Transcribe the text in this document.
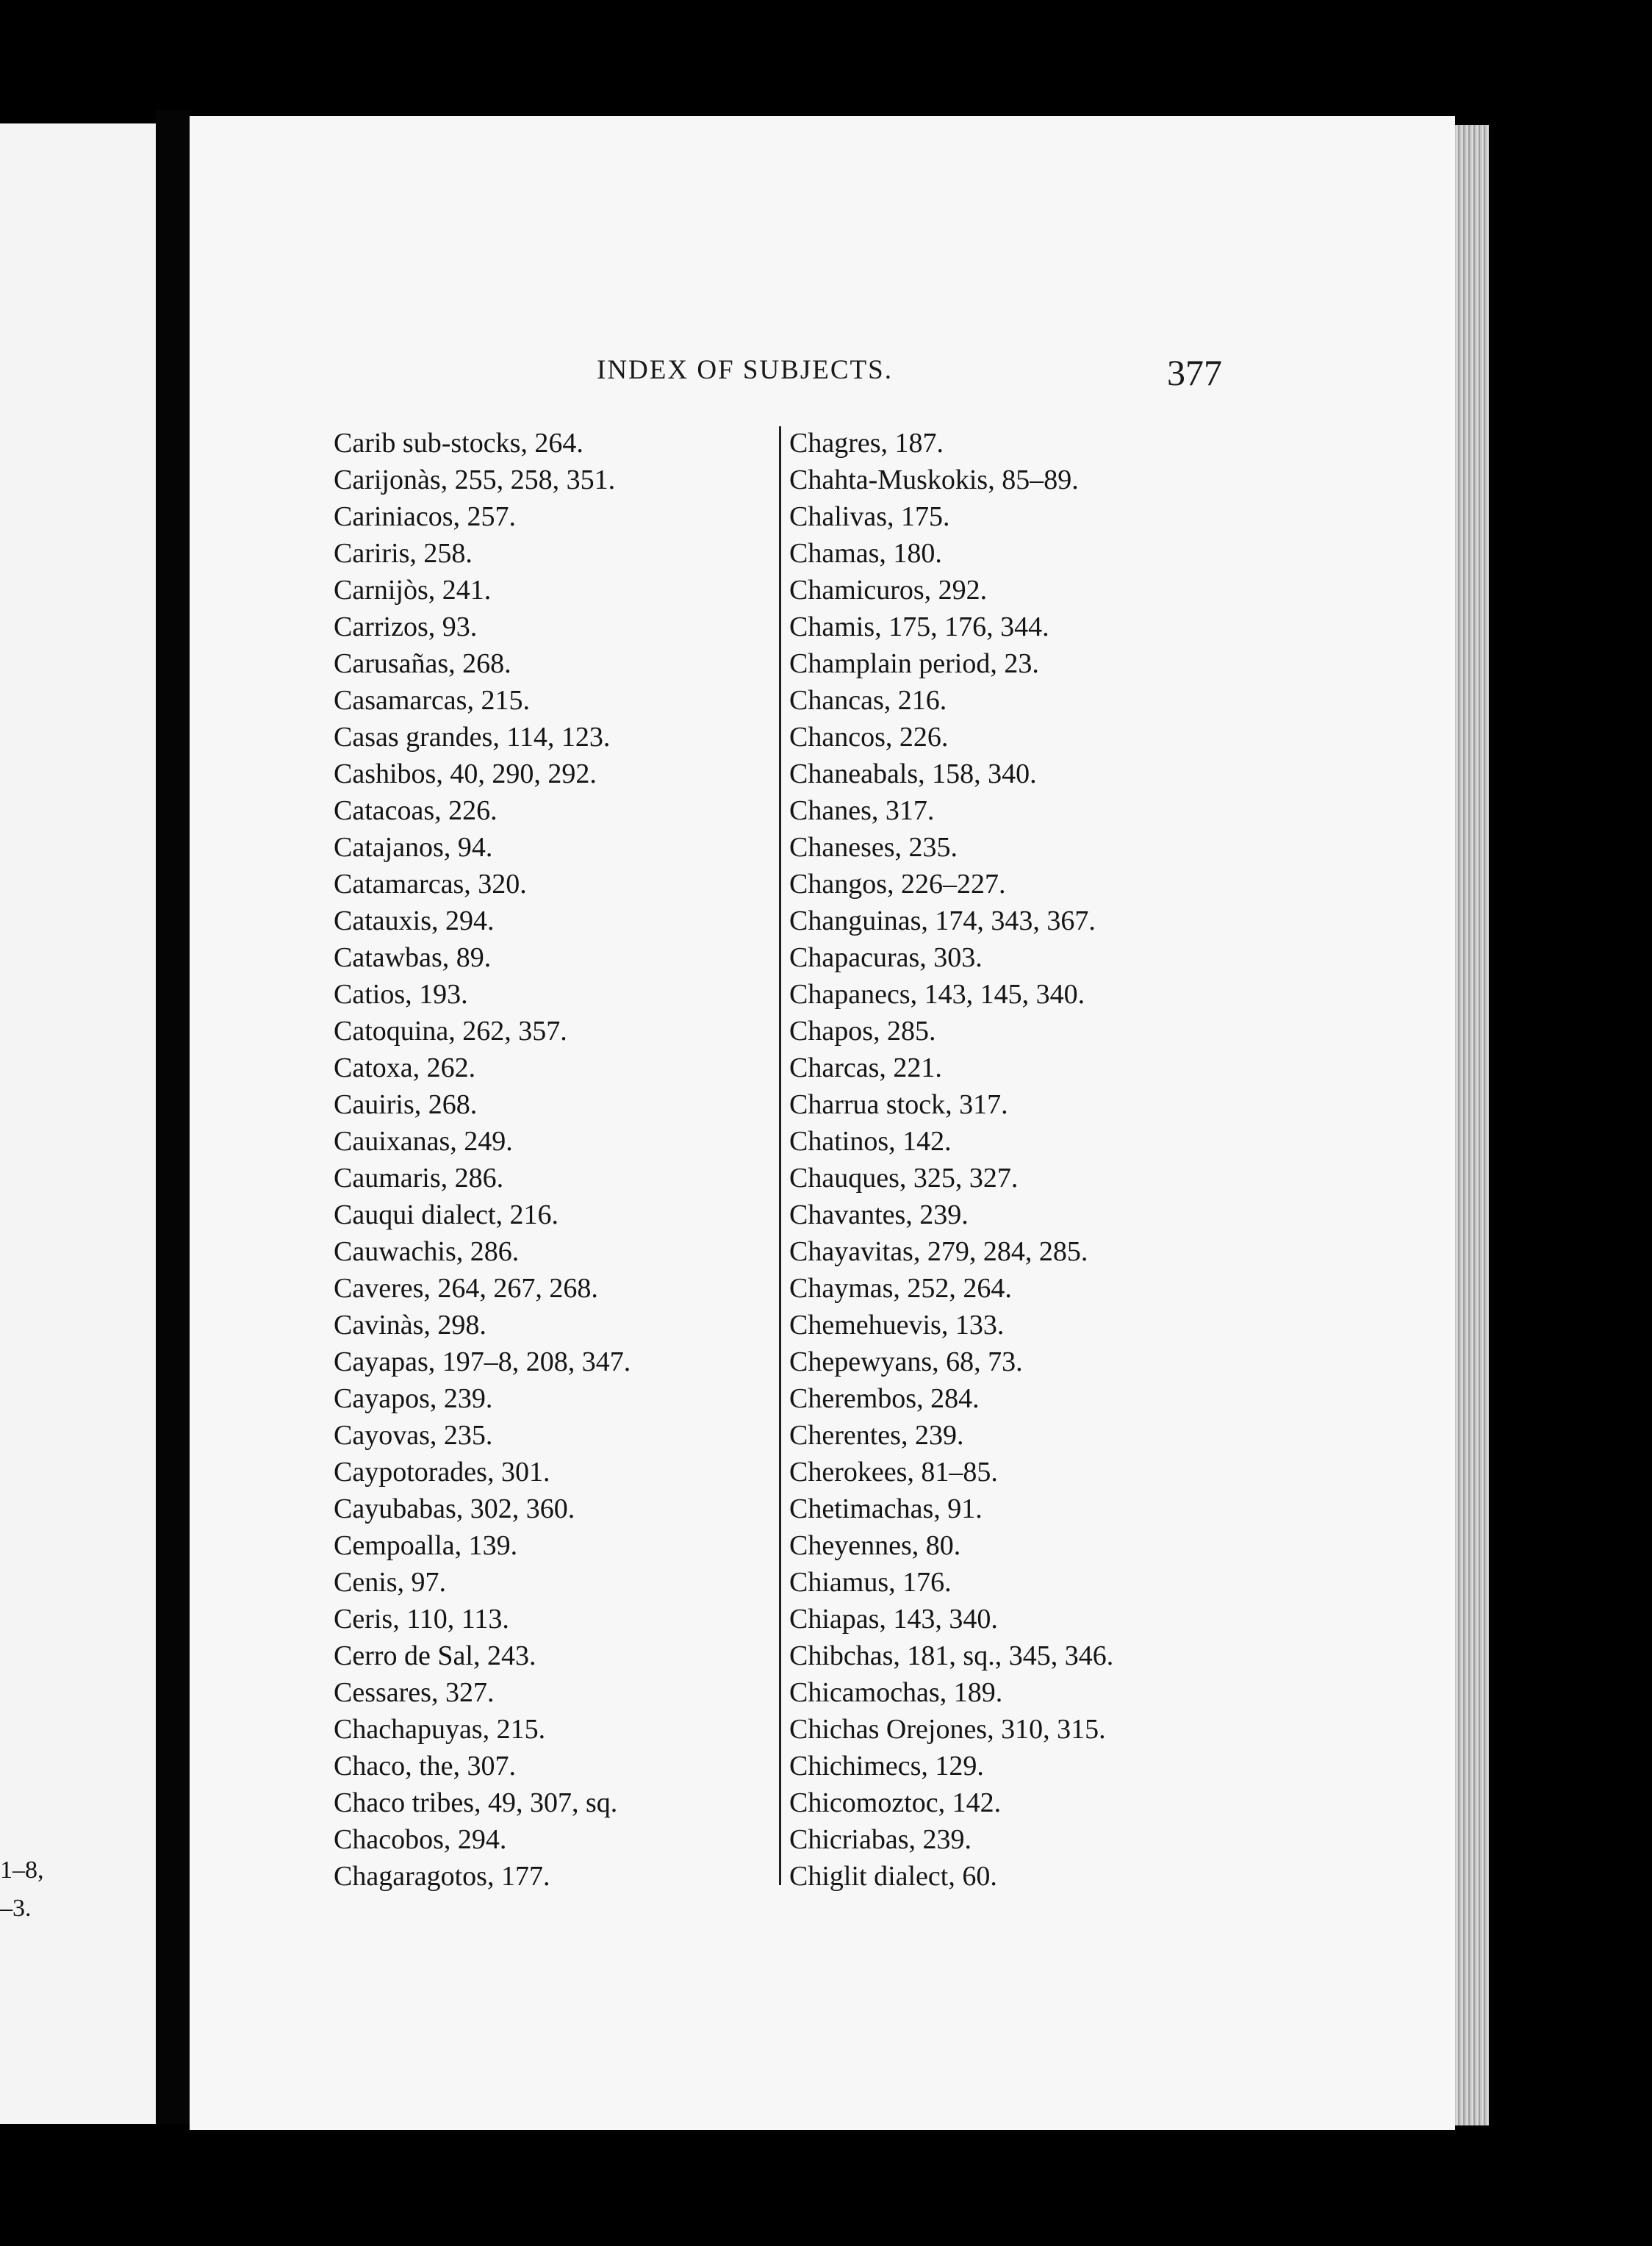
1–8,
–3.
INDEX OF SUBJECTS.	377
Carib sub-stocks, 264.
Carijonàs, 255, 258, 351.
Cariniacos, 257.
Cariris, 258.
Carnijòs, 241.
Carrizos, 93.
Carusañas, 268.
Casamarcas, 215.
Casas grandes, 114, 123.
Cashibos, 40, 290, 292.
Catacoas, 226.
Catajanos, 94.
Catamarcas, 320.
Catauxis, 294.
Catawbas, 89.
Catios, 193.
Catoquina, 262, 357.
Catoxa, 262.
Cauiris, 268.
Cauixanas, 249.
Caumaris, 286.
Cauqui dialect, 216.
Cauwachis, 286.
Caveres, 264, 267, 268.
Cavinàs, 298.
Cayapas, 197–8, 208, 347.
Cayapos, 239.
Cayovas, 235.
Caypotorades, 301.
Cayubabas, 302, 360.
Cempoalla, 139.
Cenis, 97.
Ceris, 110, 113.
Cerro de Sal, 243.
Cessares, 327.
Chachapuyas, 215.
Chaco, the, 307.
Chaco tribes, 49, 307, sq.
Chacobos, 294.
Chagaragotos, 177.
Chagres, 187.
Chahta-Muskokis, 85–89.
Chalivas, 175.
Chamas, 180.
Chamicuros, 292.
Chamis, 175, 176, 344.
Champlain period, 23.
Chancas, 216.
Chancos, 226.
Chaneabals, 158, 340.
Chanes, 317.
Chaneses, 235.
Changos, 226–227.
Changuinas, 174, 343, 367.
Chapacuras, 303.
Chapanecs, 143, 145, 340.
Chapos, 285.
Charcas, 221.
Charrua stock, 317.
Chatinos, 142.
Chauques, 325, 327.
Chavantes, 239.
Chayavitas, 279, 284, 285.
Chaymas, 252, 264.
Chemehuevis, 133.
Chepewyans, 68, 73.
Cherembos, 284.
Cherentes, 239.
Cherokees, 81–85.
Chetimachas, 91.
Cheyennes, 80.
Chiamus, 176.
Chiapas, 143, 340.
Chibchas, 181, sq., 345, 346.
Chicamochas, 189.
Chichas Orejones, 310, 315.
Chichimecs, 129.
Chicomoztoc, 142.
Chicriabas, 239.
Chiglit dialect, 60.
